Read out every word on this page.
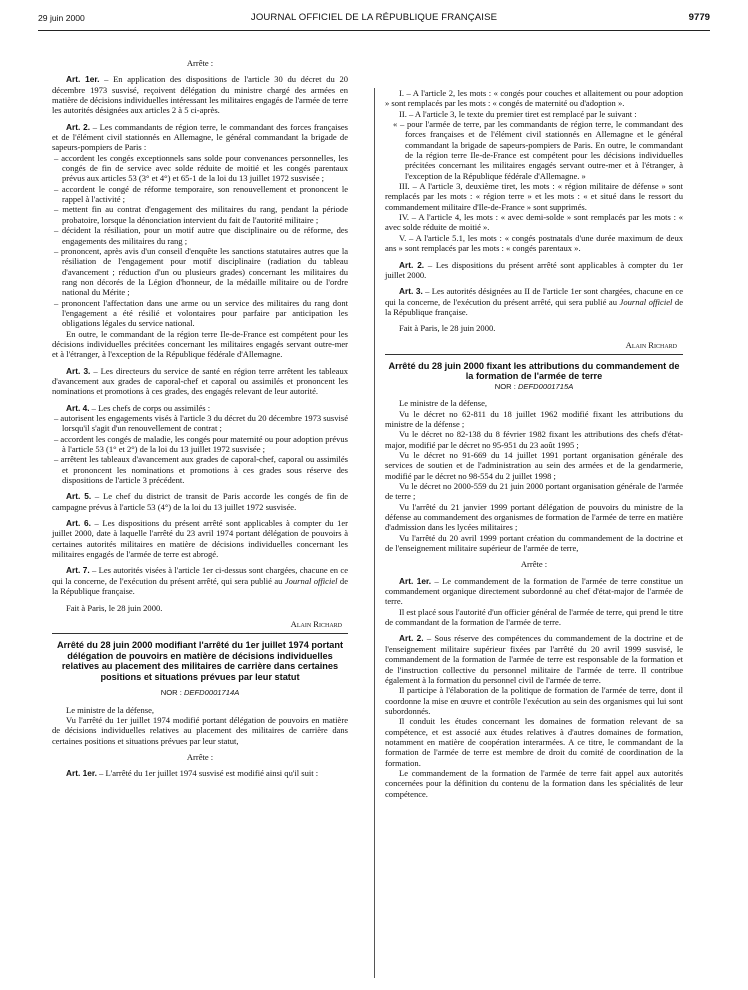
29 juin 2000	JOURNAL OFFICIEL DE LA RÉPUBLIQUE FRANÇAISE	9779

Arrête :

Art. 1er. – En application des dispositions de l'article 30 du décret du 20 décembre 1973 susvisé, reçoivent délégation du ministre chargé des armées en matière de décisions individuelles intéressant les militaires engagés de l'armée de terre les autorités désignées aux articles 2 à 5 ci-après.

Art. 2. – Les commandants de région terre, le commandant des forces françaises et de l'élément civil stationnés en Allemagne, le général commandant la brigade de sapeurs-pompiers de Paris :

– accordent les congés exceptionnels sans solde pour convenances personnelles, les congés de fin de service avec solde réduite de moitié et les congés parentaux prévus aux articles 53 (3° et 4°) et 65-1 de la loi du 13 juillet 1972 susvisée ;
– accordent le congé de réforme temporaire, son renouvellement et prononcent le rappel à l'activité ;
– mettent fin au contrat d'engagement des militaires du rang, pendant la période probatoire, lorsque la dénonciation intervient du fait de l'autorité militaire ;
– décident la résiliation, pour un motif autre que disciplinaire ou de réforme, des engagements des militaires du rang ;
– prononcent, après avis d'un conseil d'enquête les sanctions statutaires autres que la résiliation de l'engagement pour motif disciplinaire (radiation du tableau d'avancement ; réduction d'un ou plusieurs grades) concernant les militaires du rang non décorés de la Légion d'honneur, de la médaille militaire ou de l'ordre national du Mérite ;
– prononcent l'affectation dans une arme ou un service des militaires du rang dont l'engagement a été résilié et volontaires pour parfaire par anticipation les obligations légales du service national.

En outre, le commandant de la région terre Ile-de-France est compétent pour les décisions individuelles précitées concernant les militaires engagés servant outre-mer et à l'étranger, à l'exception de la République fédérale d'Allemagne.

Art. 3. – Les directeurs du service de santé en région terre arrêtent les tableaux d'avancement aux grades de caporal-chef et caporal ou assimilés et prononcent les nominations et promotions à ces grades, des engagés relevant de leur autorité.

Art. 4. – Les chefs de corps ou assimilés :

– autorisent les engagements visés à l'article 3 du décret du 20 décembre 1973 susvisé lorsqu'il s'agit d'un renouvellement de contrat ;
– accordent les congés de maladie, les congés pour maternité ou pour adoption prévus à l'article 53 (1° et 2°) de la loi du 13 juillet 1972 susvisée ;
– arrêtent les tableaux d'avancement aux grades de caporal-chef, caporal ou assimilés et prononcent les nominations et promotions à ces grades sous réserve des dispositions de l'article 3 précédent.

Art. 5. – Le chef du district de transit de Paris accorde les congés de fin de campagne prévus à l'article 53 (4°) de la loi du 13 juillet 1972 susvisée.

Art. 6. – Les dispositions du présent arrêté sont applicables à compter du 1er juillet 2000, date à laquelle l'arrêté du 23 avril 1974 portant délégation de pouvoirs à certaines autorités militaires en matière de décisions individuelles concernant les militaires engagés de l'armée de terre est abrogé.

Art. 7. – Les autorités visées à l'article 1er ci-dessus sont chargées, chacune en ce qui la concerne, de l'exécution du présent arrêté, qui sera publié au Journal officiel de la République française.

Fait à Paris, le 28 juin 2000.

Alain Richard

Arrêté du 28 juin 2000 modifiant l'arrêté du 1er juillet 1974 portant délégation de pouvoirs en matière de décisions individuelles relatives au placement des militaires de carrière dans certaines positions et situations prévues par leur statut

NOR : DEFD0001714A

Le ministre de la défense,

Vu l'arrêté du 1er juillet 1974 modifié portant délégation de pouvoirs en matière de décisions individuelles relatives au placement des militaires de carrière dans certaines positions et situations prévues par leur statut,

Arrête :

Art. 1er. – L'arrêté du 1er juillet 1974 susvisé est modifié ainsi qu'il suit :

I. – A l'article 2, les mots : « congés pour couches et allaitement ou pour adoption » sont remplacés par les mots : « congés de maternité ou d'adoption ».

II. – A l'article 3, le texte du premier tiret est remplacé par le suivant :

« – pour l'armée de terre, par les commandants de région terre, le commandant des forces françaises et de l'élément civil stationnés en Allemagne et le général commandant la brigade de sapeurs-pompiers de Paris. En outre, le commandant de la région terre Ile-de-France est compétent pour les décisions individuelles précitées concernant les militaires engagés servant outre-mer et à l'étranger, à l'exception de la République fédérale d'Allemagne. »

III. – A l'article 3, deuxième tiret, les mots : « région militaire de défense » sont remplacés par les mots : « région terre » et les mots : « et situé dans le ressort du commandement militaire d'Ile-de-France » sont supprimés.

IV. – A l'article 4, les mots : « avec demi-solde » sont remplacés par les mots : « avec solde réduite de moitié ».

V. – A l'article 5.1, les mots : « congés postnatals d'une durée maximum de deux ans » sont remplacés par les mots : « congés parentaux ».

Art. 2. – Les dispositions du présent arrêté sont applicables à compter du 1er juillet 2000.

Art. 3. – Les autorités désignées au II de l'article 1er sont chargées, chacune en ce qui la concerne, de l'exécution du présent arrêté, qui sera publié au Journal officiel de la République française.

Fait à Paris, le 28 juin 2000.

Alain Richard

Arrêté du 28 juin 2000 fixant les attributions du commandement de la formation de l'armée de terre

NOR : DEFD0001715A

Le ministre de la défense,

Vu le décret no 62-811 du 18 juillet 1962 modifié fixant les attributions du ministre de la défense ;

Vu le décret no 82-138 du 8 février 1982 fixant les attributions des chefs d'état-major, modifié par le décret no 95-951 du 23 août 1995 ;

Vu le décret no 91-669 du 14 juillet 1991 portant organisation générale des services de soutien et de l'administration au sein des armées et de la gendarmerie, modifié par le décret no 98-554 du 2 juillet 1998 ;

Vu le décret no 2000-559 du 21 juin 2000 portant organisation générale de l'armée de terre ;

Vu l'arrêté du 21 janvier 1999 portant délégation de pouvoirs du ministre de la défense au commandement des organismes de formation de l'armée de terre en matière d'admission dans les lycées militaires ;

Vu l'arrêté du 20 avril 1999 portant création du commandement de la doctrine et de l'enseignement militaire supérieur de l'armée de terre,

Arrête :

Art. 1er. – Le commandement de la formation de l'armée de terre constitue un commandement organique directement subordonné au chef d'état-major de l'armée de terre.

Il est placé sous l'autorité d'un officier général de l'armée de terre, qui prend le titre de commandant de la formation de l'armée de terre.

Art. 2. – Sous réserve des compétences du commandement de la doctrine et de l'enseignement militaire supérieur fixées par l'arrêté du 20 avril 1999 susvisé, le commandement de la formation de l'armée de terre est responsable de la formation et de l'instruction collective du personnel militaire de l'armée de terre. Il contribue également à la formation du personnel civil de l'armée de terre.

Il participe à l'élaboration de la politique de formation de l'armée de terre, dont il coordonne la mise en œuvre et contrôle l'exécution au sein des organismes qui lui sont subordonnés.

Il conduit les études concernant les domaines de formation relevant de sa compétence, et est associé aux études relatives à d'autres domaines de formation, notamment en matière de coopération interarmées. A ce titre, le commandant de la formation de l'armée de terre est membre de droit du comité de coordination de la formation.

Le commandement de la formation de l'armée de terre fait appel aux autorités concernées pour la définition du contenu de la formation dans les spécialités de leur compétence.
